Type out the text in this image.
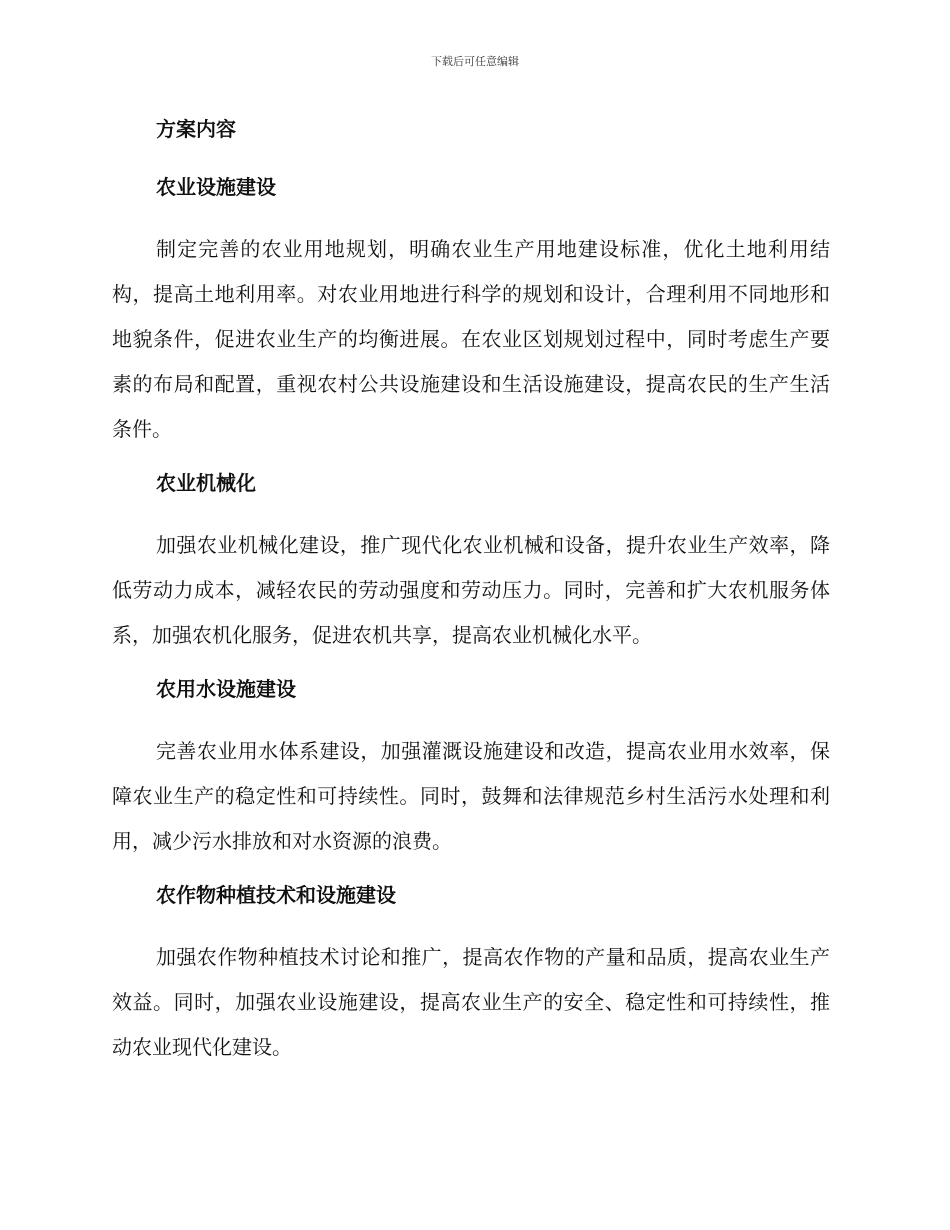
下载后可任意编辑
方案内容
农业设施建设

制定完善的农业用地规划，明确农业生产用地建设标准，优化土地利用结构，提高土地利用率。对农业用地进行科学的规划和设计，合理利用不同地形和地貌条件，促进农业生产的均衡进展。在农业区划规划过程中，同时考虑生产要素的布局和配置，重视农村公共设施建设和生活设施建设，提高农民的生产生活条件。

农业机械化

加强农业机械化建设，推广现代化农业机械和设备，提升农业生产效率，降低劳动力成本，减轻农民的劳动强度和劳动压力。同时，完善和扩大农机服务体系，加强农机化服务，促进农机共享，提高农业机械化水平。

农用水设施建设

完善农业用水体系建设，加强灌溉设施建设和改造，提高农业用水效率，保障农业生产的稳定性和可持续性。同时，鼓舞和法律规范乡村生活污水处理和利用，减少污水排放和对水资源的浪费。

农作物种植技术和设施建设

加强农作物种植技术讨论和推广，提高农作物的产量和品质，提高农业生产效益。同时，加强农业设施建设，提高农业生产的安全、稳定性和可持续性，推动农业现代化建设。
